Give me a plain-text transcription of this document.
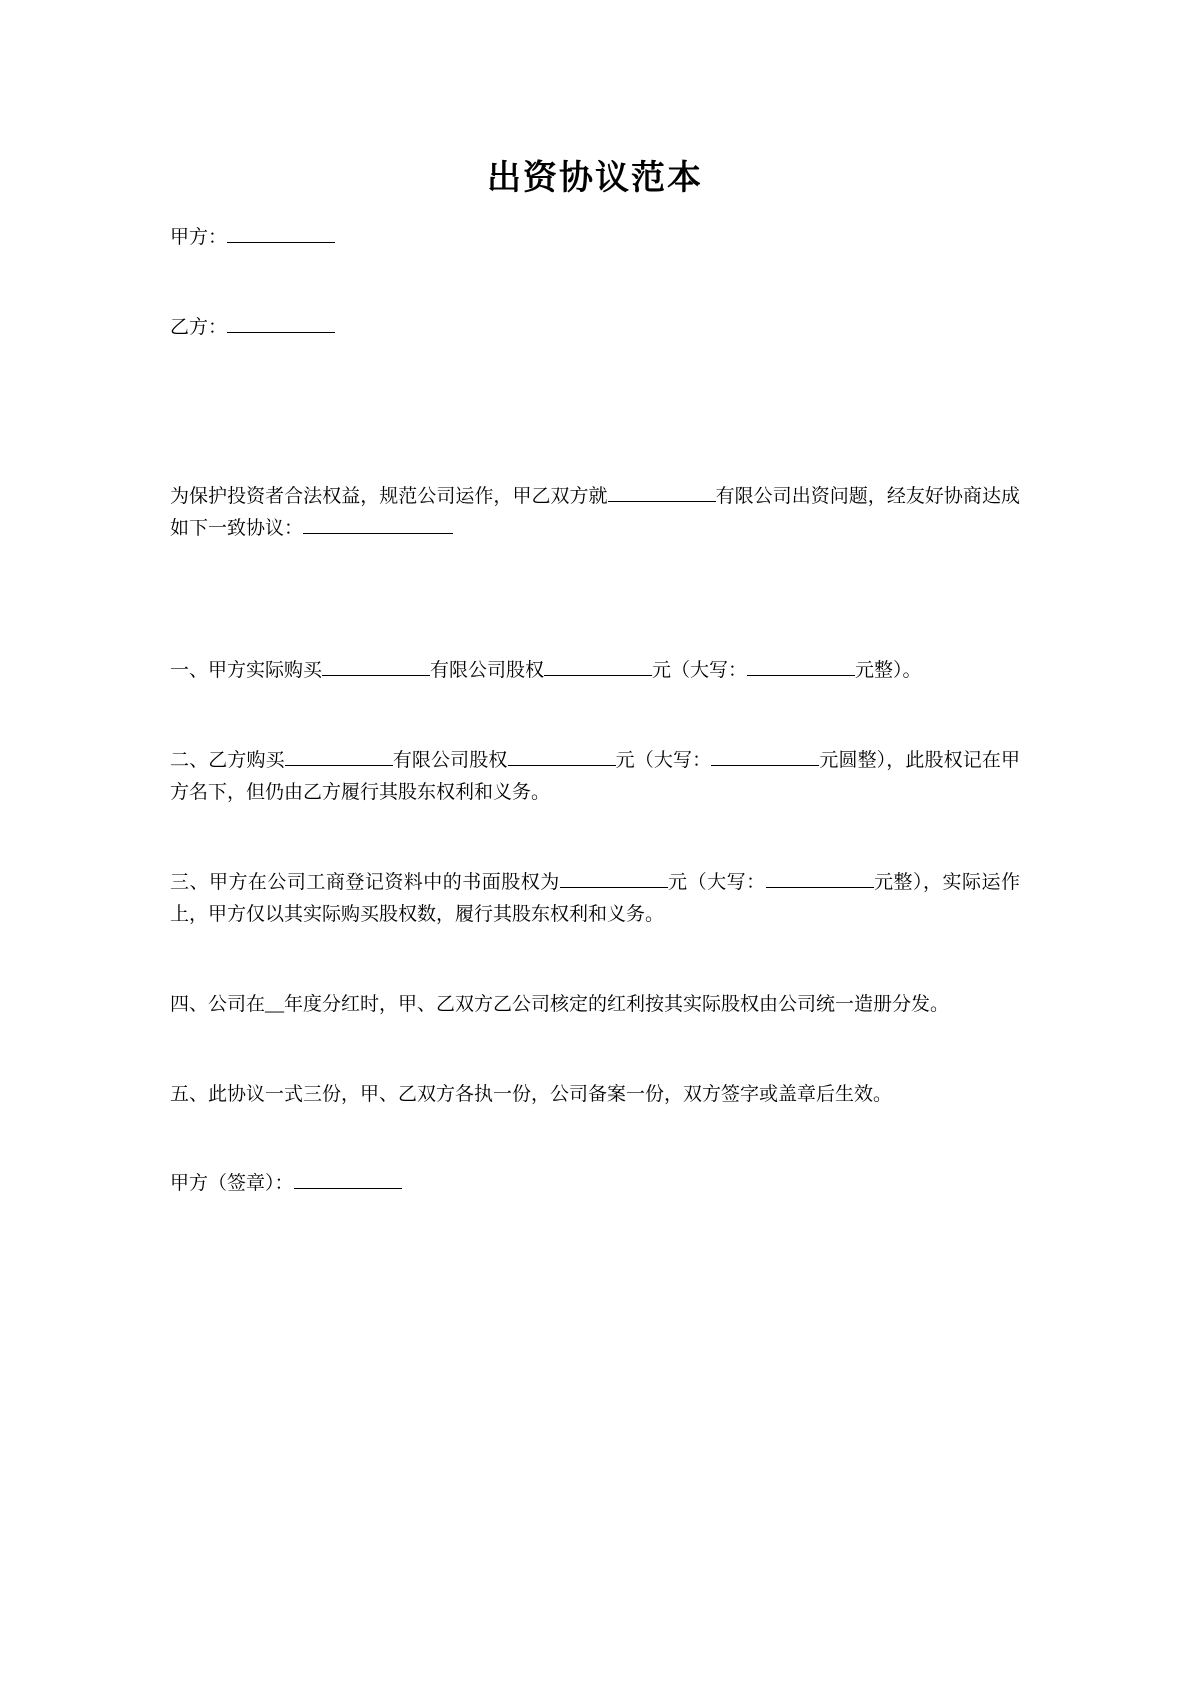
出资协议范本
甲方：
乙方：

为保护投资者合法权益，规范公司运作，甲乙双方就	有限公司出资问题，经友好协商达成如下一致协议：

一、甲方实际购买	有限公司股权	元（大写：	元整）。

二、乙方购买	有限公司股权	元（大写：	元圆整），此股权记在甲方名下，但仍由乙方履行其股东权利和义务。

三、甲方在公司工商登记资料中的书面股权为	元（大写：	元整），实际运作上，甲方仅以其实际购买股权数，履行其股东权利和义务。

四、公司在__年度分红时，甲、乙双方乙公司核定的红利按其实际股权由公司统一造册分发。

五、此协议一式三份，甲、乙双方各执一份，公司备案一份，双方签字或盖章后生效。

甲方（签章）：
